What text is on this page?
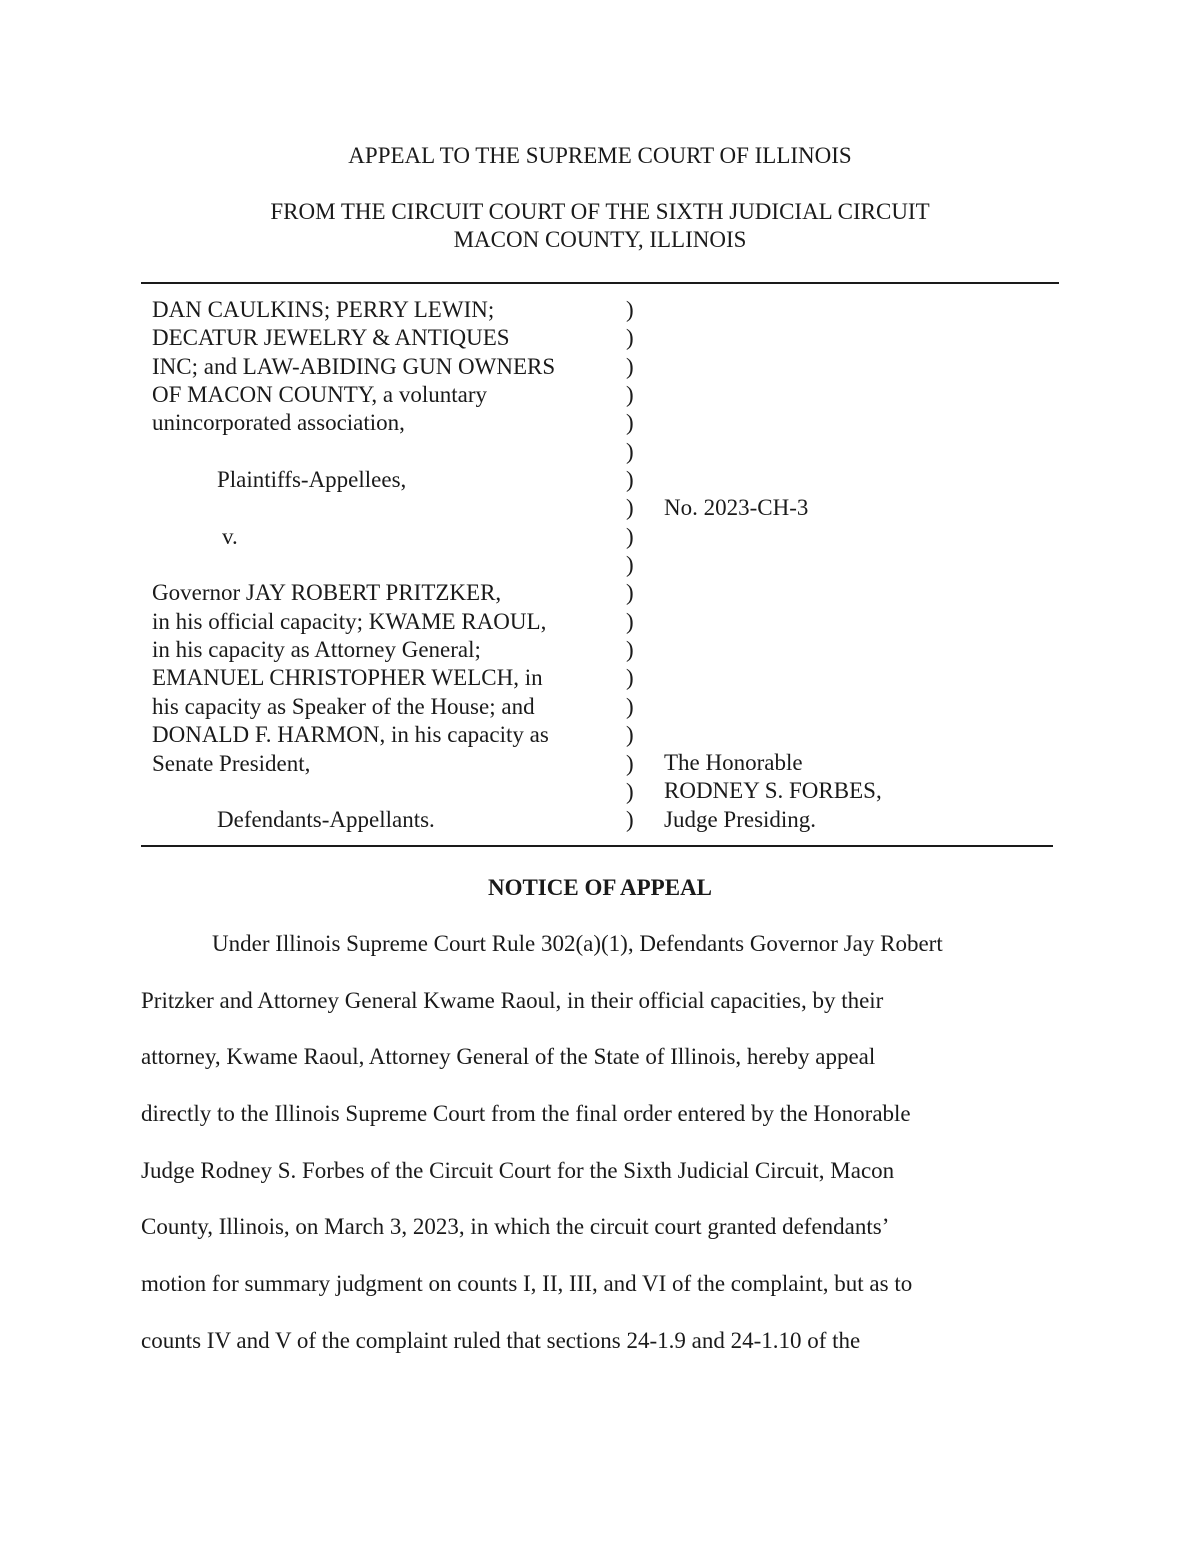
APPEAL TO THE SUPREME COURT OF ILLINOIS
FROM THE CIRCUIT COURT OF THE SIXTH JUDICIAL CIRCUIT
MACON COUNTY, ILLINOIS
DAN CAULKINS; PERRY LEWIN;
DECATUR JEWELRY & ANTIQUES
INC; and LAW-ABIDING GUN OWNERS
OF MACON COUNTY, a voluntary
unincorporated association,
Plaintiffs-Appellees,
v.
Governor JAY ROBERT PRITZKER,
in his official capacity; KWAME RAOUL,
in his capacity as Attorney General;
EMANUEL CHRISTOPHER WELCH, in
his capacity as Speaker of the House; and
DONALD F. HARMON, in his capacity as
Senate President,
Defendants-Appellants.
)
)
)
)
)
)
)
)
)
)
)
)
)
)
)
)
)
)
)
No. 2023-CH-3
The Honorable
RODNEY S. FORBES,
Judge Presiding.
NOTICE OF APPEAL
Under Illinois Supreme Court Rule 302(a)(1), Defendants Governor Jay Robert
Pritzker and Attorney General Kwame Raoul, in their official capacities, by their
attorney, Kwame Raoul, Attorney General of the State of Illinois, hereby appeal
directly to the Illinois Supreme Court from the final order entered by the Honorable
Judge Rodney S. Forbes of the Circuit Court for the Sixth Judicial Circuit, Macon
County, Illinois, on March 3, 2023, in which the circuit court granted defendants’
motion for summary judgment on counts I, II, III, and VI of the complaint, but as to
counts IV and V of the complaint ruled that sections 24-1.9 and 24-1.10 of the
